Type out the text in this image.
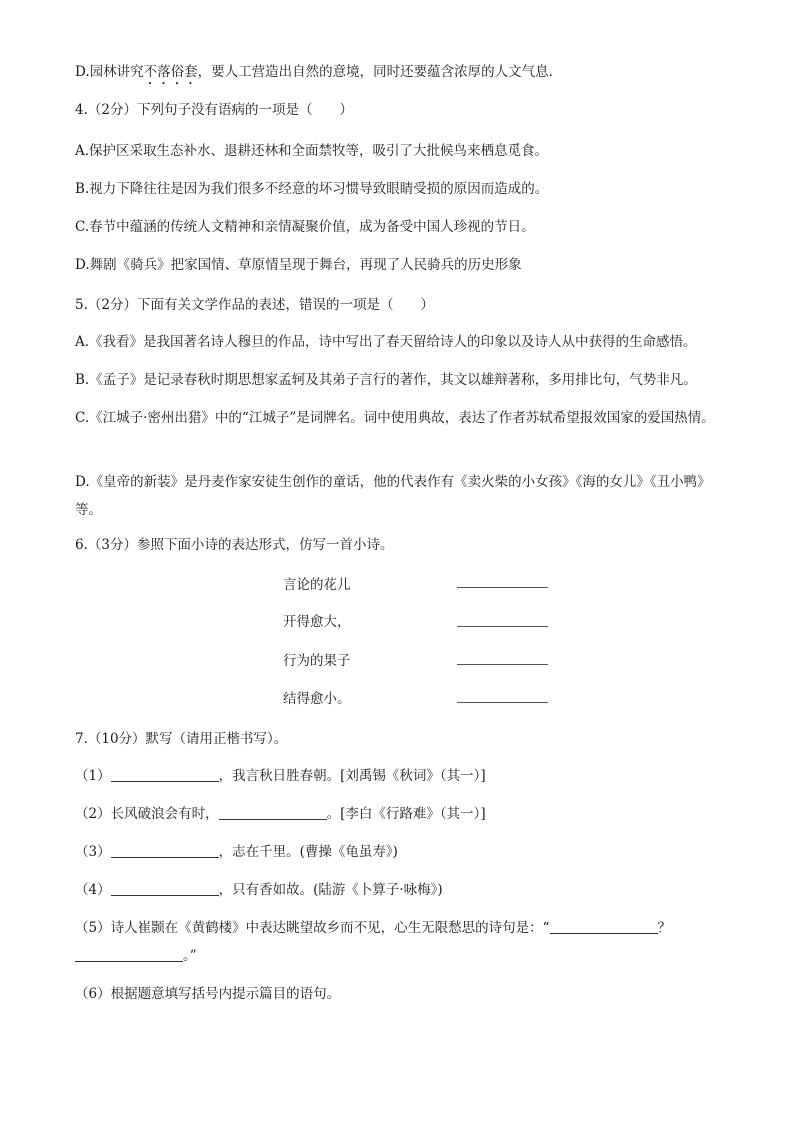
D.园林讲究不落俗套，要人工营造出自然的意境，同时还要蕴含浓厚的人文气息.
4.（2分）下列句子没有语病的一项是（　　）
A.保护区采取生态补水、退耕还林和全面禁牧等，吸引了大批候鸟来栖息觅食。
B.视力下降往往是因为我们很多不经意的坏习惯导致眼睛受损的原因而造成的。
C.春节中蕴涵的传统人文精神和亲情凝聚价值，成为备受中国人珍视的节日。
D.舞剧《骑兵》把家国情、草原情呈现于舞台，再现了人民骑兵的历史形象
5.（2分）下面有关文学作品的表述，错误的一项是（　　）
A.《我看》是我国著名诗人穆旦的作品，诗中写出了春天留给诗人的印象以及诗人从中获得的生命感悟。
B.《孟子》是记录春秋时期思想家孟轲及其弟子言行的著作，其文以雄辩著称，多用排比句，气势非凡。
C.《江城子·密州出猎》中的“江城子”是词牌名。词中使用典故，表达了作者苏轼希望报效国家的爱国热情。
D.《皇帝的新装》是丹麦作家安徒生创作的童话，他的代表作有《卖火柴的小女孩》《海的女儿》《丑小鸭》等。
6.（3分）参照下面小诗的表达形式，仿写一首小诗。
言论的花儿
开得愈大，
行为的果子
结得愈小。
7.（10分）默写（请用正楷书写）。
（1）	，我言秋日胜春朝。[刘禹锡《秋词》（其一）]
（2）长风破浪会有时，	。[李白《行路难》（其一）]
（3）	，志在千里。(曹操《龟虽寿》)
（4）	，只有香如故。(陆游《卜算子·咏梅》)
（5）诗人崔颢在《黄鹤楼》中表达眺望故乡而不见，心生无限愁思的诗句是：“	？
。”
（6）根据题意填写括号内提示篇目的语句。
